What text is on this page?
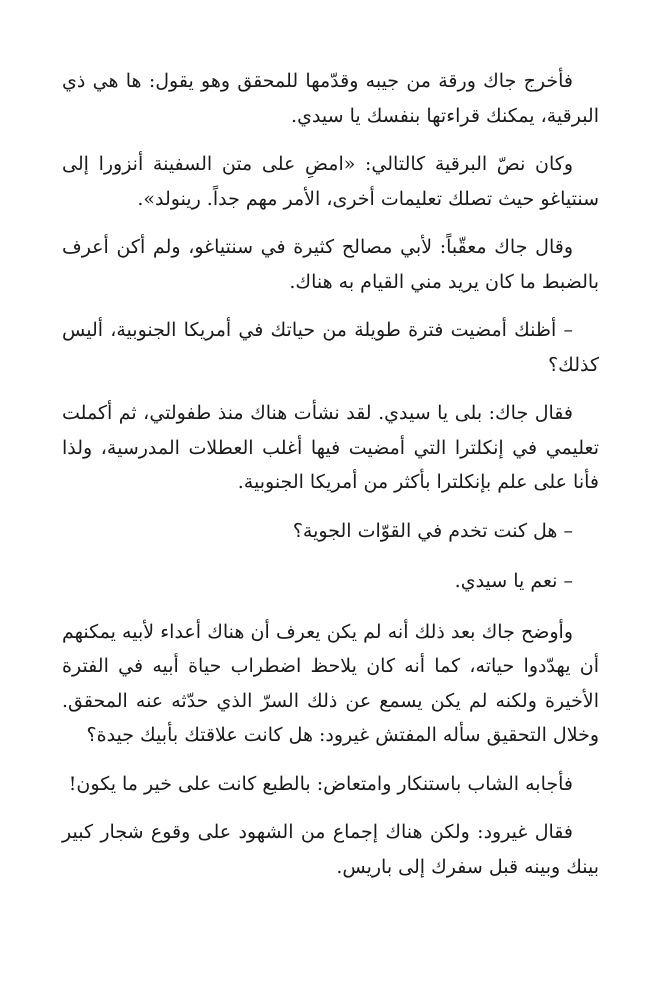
فأخرج جاك ورقة من جيبه وقدّمها للمحقق وهو يقول: ها هي ذي البرقية، يمكنك قراءتها بنفسك يا سيدي.

وكان نصّ البرقية كالتالي: «امضِ على متن السفينة أنزورا إلى سنتياغو حيث تصلك تعليمات أخرى، الأمر مهم جداً. رينولد».

وقال جاك معقّباً: لأبي مصالح كثيرة في سنتياغو، ولم أكن أعرف بالضبط ما كان يريد مني القيام به هناك.

– أظنك أمضيت فترة طويلة من حياتك في أمريكا الجنوبية، أليس كذلك؟

فقال جاك: بلى يا سيدي. لقد نشأت هناك منذ طفولتي، ثم أكملت تعليمي في إنكلترا التي أمضيت فيها أغلب العطلات المدرسية، ولذا فأنا على علم بإنكلترا بأكثر من أمريكا الجنوبية.

– هل كنت تخدم في القوّات الجوية؟

– نعم يا سيدي.

وأوضح جاك بعد ذلك أنه لم يكن يعرف أن هناك أعداء لأبيه يمكنهم أن يهدّدوا حياته، كما أنه كان يلاحظ اضطراب حياة أبيه في الفترة الأخيرة ولكنه لم يكن يسمع عن ذلك السرّ الذي حدّثه عنه المحقق. وخلال التحقيق سأله المفتش غيرود: هل كانت علاقتك بأبيك جيدة؟

فأجابه الشاب باستنكار وامتعاض: بالطبع كانت على خير ما يكون!

فقال غيرود: ولكن هناك إجماع من الشهود على وقوع شجار كبير بينك وبينه قبل سفرك إلى باريس.
